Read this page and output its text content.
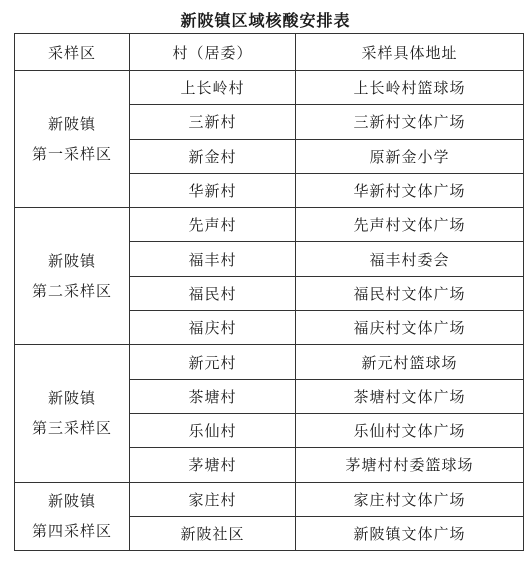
新陂镇区域核酸安排表
采样区	村（居委）	采样具体地址

新陂镇
第一采样区	上长岭村	上长岭村篮球场
	三新村	三新村文体广场
	新金村	原新金小学
	华新村	华新村文体广场

新陂镇
第二采样区	先声村	先声村文体广场
	福丰村	福丰村委会
	福民村	福民村文体广场
	福庆村	福庆村文体广场

新陂镇
第三采样区	新元村	新元村篮球场
	茶塘村	茶塘村文体广场
	乐仙村	乐仙村文体广场
	茅塘村	茅塘村村委篮球场

新陂镇
第四采样区	家庄村	家庄村文体广场
	新陂社区	新陂镇文体广场
